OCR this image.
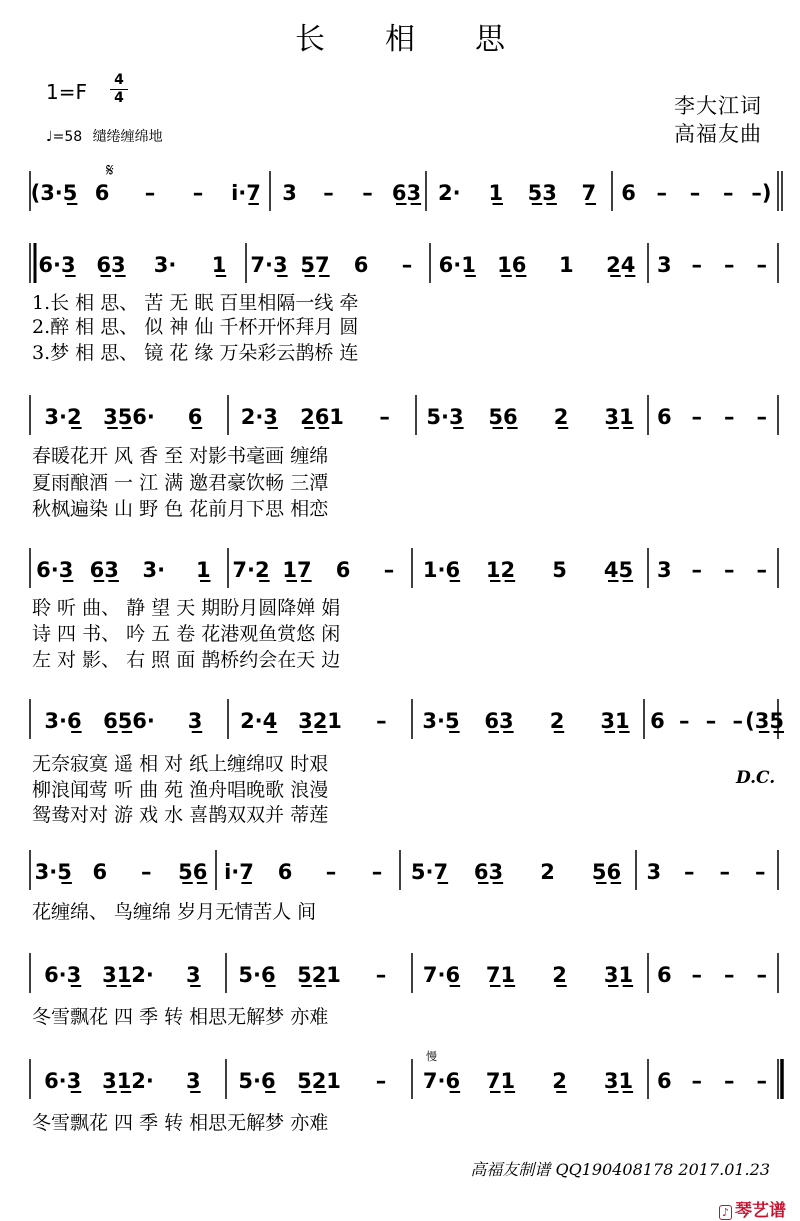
长相思
1=F 4
4
♩=58 缱绻缠绵地
李大江词
高福友曲
𝄋
D.C.
慢
(3·5̲ 6 – – i̇·7̲ 3 – – 6̲3̲ 2· 1̲ 5̲3̲ 7̲ 6 – – – –)
6·3̲ 6̲3̲ 3· 1̲ 7·3̲ 5̲7̲ 6 – 6·1̲ 1̲6̲ 1 2̲4̲ 3 – – –
1.长 相 思、 苦 无 眠 百里相隔一线 牵
2.醉 相 思、 似 神 仙 千杯开怀拜月 圆
3.梦 相 思、 镜 花 缘 万朵彩云鹊桥 连
3·2̲ 3̲5̲6· 6̲ 2·3̲ 2̲6̲1 – 5·3̲ 5̲6̲ 2̲ 3̲1̲ 6 – – –
春暖花开 风 香 至 对影书毫画 缠绵
夏雨酿酒 一 江 满 邀君豪饮畅 三潭
秋枫遍染 山 野 色 花前月下思 相恋
6·3̲ 6̲3̲ 3· 1̲ 7·2̲ 1̲7̲ 6 – 1·6̲ 1̲2̲ 5 4̲5̲ 3 – – –
聆 听 曲、 静 望 天 期盼月圆降婵 娟
诗 四 书、 吟 五 卷 花港观鱼赏悠 闲
左 对 影、 右 照 面 鹊桥约会在天 边
3·6̲ 6̲5̲6· 3̲ 2·4̲ 3̲2̲1 – 3·5̲ 6̲3̲ 2̲ 3̲1̲ 6 – – – (3̲5̲
无奈寂寞 遥 相 对 纸上缠绵叹 时艰
柳浪闻莺 听 曲 苑 渔舟唱晚歌 浪漫
鸳鸯对对 游 戏 水 喜鹊双双并 蒂莲
3·5̲ 6 – 5̲6̲ i̇·7̲ 6 – – 5·7̲ 6̲3̲ 2 5̲6̲ 3 – – –
花缠绵、 鸟缠绵 岁月无情苦人 间
6·3̲ 3̲1̲2· 3̲ 5·6̲ 5̲2̲1 – 7·6̲ 7̲1̲ 2̲ 3̲1̲ 6 – – –
冬雪飘花 四 季 转 相思无解梦 亦难
6·3̲ 3̲1̲2· 3̲ 5·6̲ 5̲2̲1 – 7·6̲ 7̲1̲ 2̲ 3̲1̲ 6 – – –
冬雪飘花 四 季 转 相思无解梦 亦难
高福友制谱 QQ190408178 2017.01.23
♪ 琴艺谱
